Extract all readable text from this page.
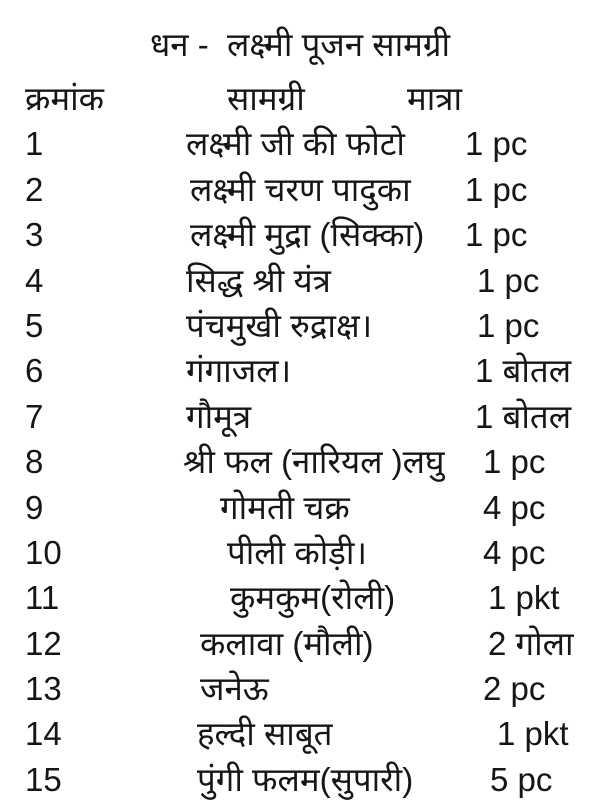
धन -  लक्ष्मी पूजन सामग्री
क्रमांक	सामग्री	मात्रा
1	लक्ष्मी जी की फोटो	1 pc
2	लक्ष्मी चरण पादुका	1 pc
3	लक्ष्मी मुद्रा (सिक्का)	1 pc
4	सिद्ध श्री यंत्र	1 pc
5	पंचमुखी रुद्राक्ष।	1 pc
6	गंगाजल।	1 बोतल
7	गौमूत्र	1 बोतल
8	श्री फल (नारियल )लघु	1 pc
9	गोमती चक्र	4 pc
10	पीली कोड़ी।	4 pc
11	कुमकुम(रोली)	1 pkt
12	कलावा (मौली)	2 गोला
13	जनेऊ	2 pc
14	हल्दी साबूत	1 pkt
15	पुंगी फलम(सुपारी)	5 pc
